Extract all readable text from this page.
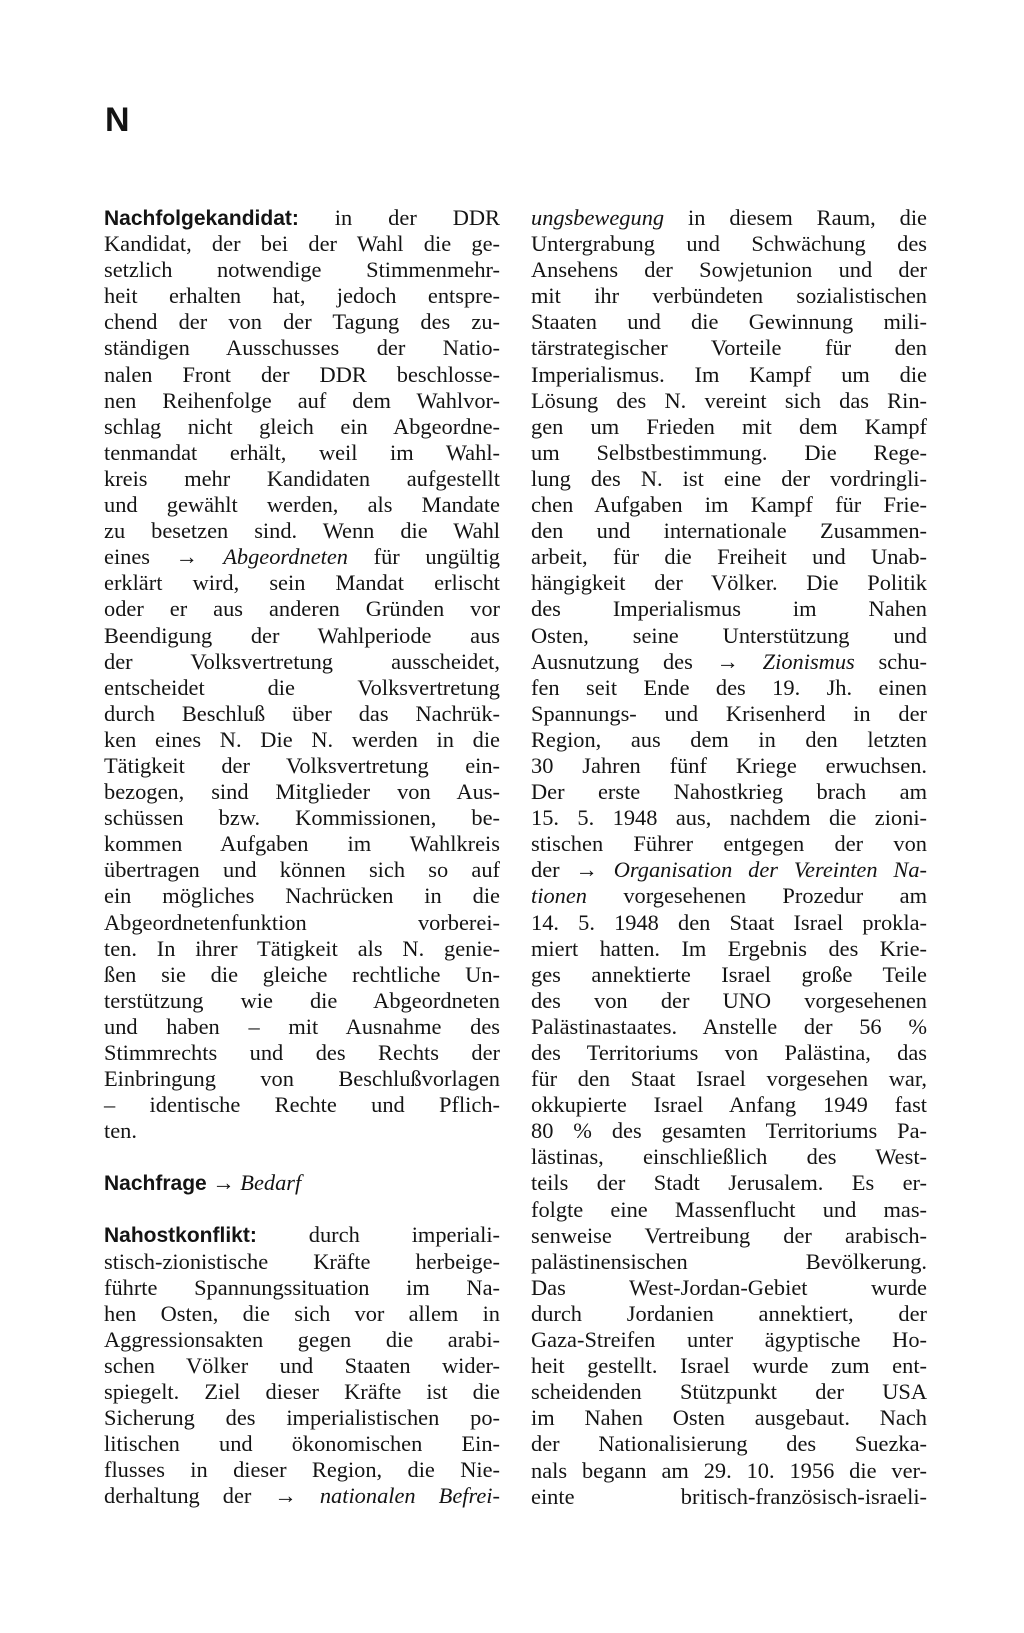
N
Nachfolgekandidat: in der DDR
Kandidat, der bei der Wahl die ge-
setzlich notwendige Stimmenmehr-
heit erhalten hat, jedoch entspre-
chend der von der Tagung des zu-
ständigen Ausschusses der Natio-
nalen Front der DDR beschlosse-
nen Reihenfolge auf dem Wahlvor-
schlag nicht gleich ein Abgeordne-
tenmandat erhält, weil im Wahl-
kreis mehr Kandidaten aufgestellt
und gewählt werden, als Mandate
zu besetzen sind. Wenn die Wahl
eines → Abgeordneten für ungültig
erklärt wird, sein Mandat erlischt
oder er aus anderen Gründen vor
Beendigung der Wahlperiode aus
der Volksvertretung ausscheidet,
entscheidet die Volksvertretung
durch Beschluß über das Nachrük-
ken eines N. Die N. werden in die
Tätigkeit der Volksvertretung ein-
bezogen, sind Mitglieder von Aus-
schüssen bzw. Kommissionen, be-
kommen Aufgaben im Wahlkreis
übertragen und können sich so auf
ein mögliches Nachrücken in die
Abgeordnetenfunktion vorberei-
ten. In ihrer Tätigkeit als N. genie-
ßen sie die gleiche rechtliche Un-
terstützung wie die Abgeordneten
und haben – mit Ausnahme des
Stimmrechts und des Rechts der
Einbringung von Beschlußvorlagen
– identische Rechte und Pflich-
ten.
Nachfrage → Bedarf
Nahostkonflikt: durch imperiali-
stisch-zionistische Kräfte herbeige-
führte Spannungssituation im Na-
hen Osten, die sich vor allem in
Aggressionsakten gegen die arabi-
schen Völker und Staaten wider-
spiegelt. Ziel dieser Kräfte ist die
Sicherung des imperialistischen po-
litischen und ökonomischen Ein-
flusses in dieser Region, die Nie-
derhaltung der → nationalen Befrei-
ungsbewegung in diesem Raum, die
Untergrabung und Schwächung des
Ansehens der Sowjetunion und der
mit ihr verbündeten sozialistischen
Staaten und die Gewinnung mili-
tärstrategischer Vorteile für den
Imperialismus. Im Kampf um die
Lösung des N. vereint sich das Rin-
gen um Frieden mit dem Kampf
um Selbstbestimmung. Die Rege-
lung des N. ist eine der vordringli-
chen Aufgaben im Kampf für Frie-
den und internationale Zusammen-
arbeit, für die Freiheit und Unab-
hängigkeit der Völker. Die Politik
des Imperialismus im Nahen
Osten, seine Unterstützung und
Ausnutzung des → Zionismus schu-
fen seit Ende des 19. Jh. einen
Spannungs- und Krisenherd in der
Region, aus dem in den letzten
30 Jahren fünf Kriege erwuchsen.
Der erste Nahostkrieg brach am
15. 5. 1948 aus, nachdem die zioni-
stischen Führer entgegen der von
der → Organisation der Vereinten Na-
tionen vorgesehenen Prozedur am
14. 5. 1948 den Staat Israel prokla-
miert hatten. Im Ergebnis des Krie-
ges annektierte Israel große Teile
des von der UNO vorgesehenen
Palästinastaates. Anstelle der 56 %
des Territoriums von Palästina, das
für den Staat Israel vorgesehen war,
okkupierte Israel Anfang 1949 fast
80 % des gesamten Territoriums Pa-
lästinas, einschließlich des West-
teils der Stadt Jerusalem. Es er-
folgte eine Massenflucht und mas-
senweise Vertreibung der arabisch-
palästinensischen Bevölkerung.
Das West-Jordan-Gebiet wurde
durch Jordanien annektiert, der
Gaza-Streifen unter ägyptische Ho-
heit gestellt. Israel wurde zum ent-
scheidenden Stützpunkt der USA
im Nahen Osten ausgebaut. Nach
der Nationalisierung des Suezka-
nals begann am 29. 10. 1956 die ver-
einte britisch-französisch-israeli-
